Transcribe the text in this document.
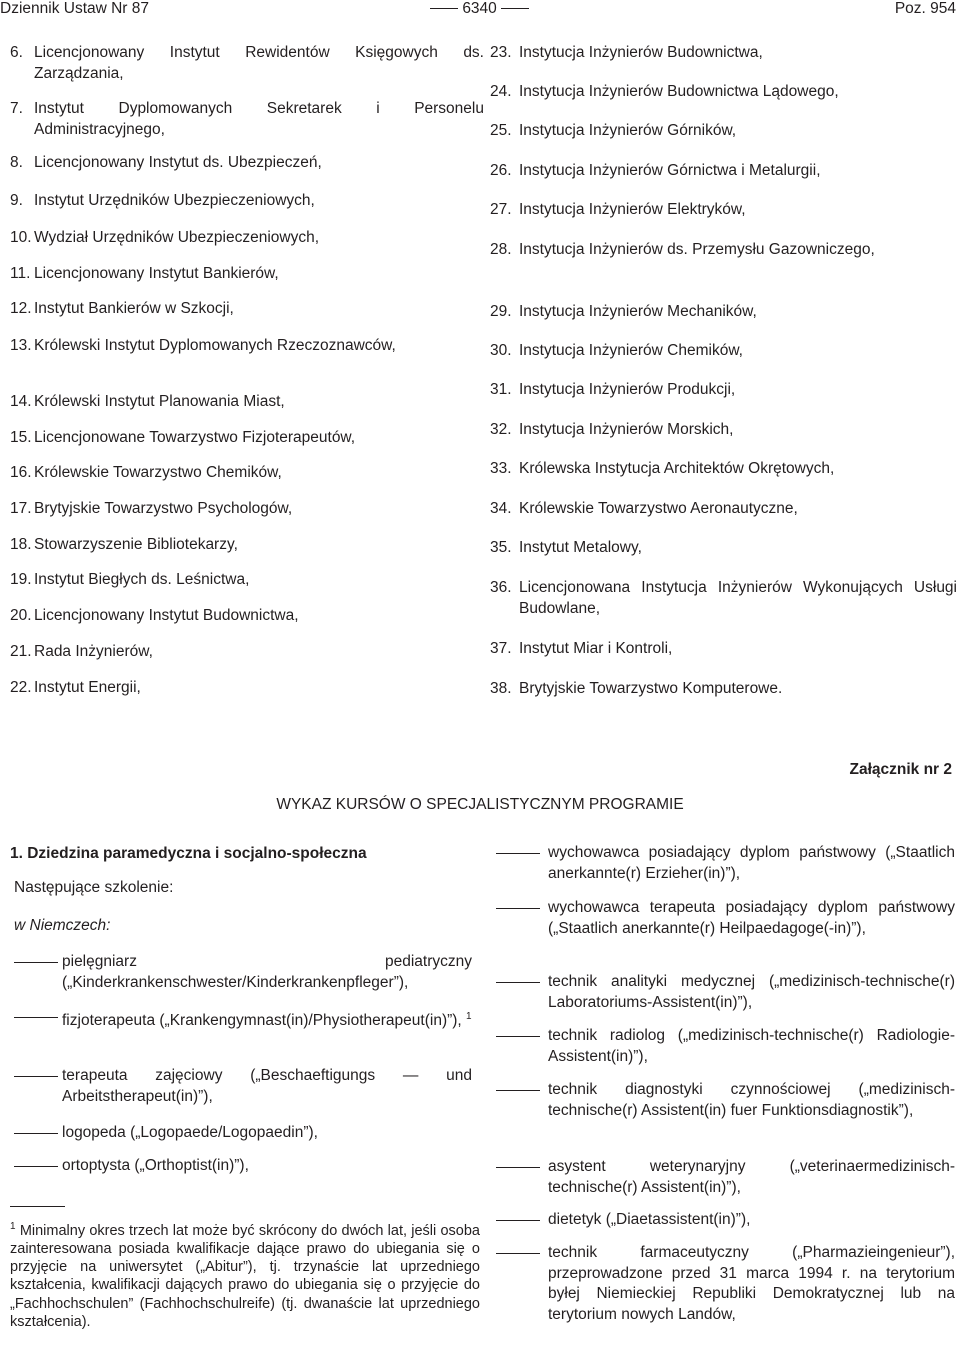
Dziennik Ustaw Nr 87	6340	Poz. 954
6. Licencjonowany Instytut Rewidentów Księgowych ds. Zarządzania,
7. Instytut Dyplomowanych Sekretarek i Personelu Administracyjnego,
8. Licencjonowany Instytut ds. Ubezpieczeń,
9. Instytut Urzędników Ubezpieczeniowych,
10. Wydział Urzędników Ubezpieczeniowych,
11. Licencjonowany Instytut Bankierów,
12. Instytut Bankierów w Szkocji,
13. Królewski Instytut Dyplomowanych Rzeczoznawców,
14. Królewski Instytut Planowania Miast,
15. Licencjonowane Towarzystwo Fizjoterapeutów,
16. Królewskie Towarzystwo Chemików,
17. Brytyjskie Towarzystwo Psychologów,
18. Stowarzyszenie Bibliotekarzy,
19. Instytut Biegłych ds. Leśnictwa,
20. Licencjonowany Instytut Budownictwa,
21. Rada Inżynierów,
22. Instytut Energii,
23. Instytucja Inżynierów Budownictwa,
24. Instytucja Inżynierów Budownictwa Lądowego,
25. Instytucja Inżynierów Górników,
26. Instytucja Inżynierów Górnictwa i Metalurgii,
27. Instytucja Inżynierów Elektryków,
28. Instytucja Inżynierów ds. Przemysłu Gazowniczego,
29. Instytucja Inżynierów Mechaników,
30. Instytucja Inżynierów Chemików,
31. Instytucja Inżynierów Produkcji,
32. Instytucja Inżynierów Morskich,
33. Królewska Instytucja Architektów Okrętowych,
34. Królewskie Towarzystwo Aeronautyczne,
35. Instytut Metalowy,
36. Licencjonowana Instytucja Inżynierów Wykonujących Usługi Budowlane,
37. Instytut Miar i Kontroli,
38. Brytyjskie Towarzystwo Komputerowe.
Załącznik nr 2
WYKAZ KURSÓW O SPECJALISTYCZNYM PROGRAMIE
1. Dziedzina paramedyczna i socjalno-społeczna
Następujące szkolenie:
w Niemczech:
pielęgniarz pediatryczny („Kinderkrankenschwester/Kinderkrankenpfleger”),
fizjoterapeuta („Krankengymnast(in)/Physiotherapeut(in)”), $^1$
terapeuta zajęciowy („Beschaeftigungs — und Arbeitstherapeut(in)”),
logopeda („Logopaede/Logopaedin”),
ortoptysta („Orthoptist(in)”),
$^1$ Minimalny okres trzech lat może być skrócony do dwóch lat, jeśli osoba zainteresowana posiada kwalifikacje dające prawo do ubiegania się o przyjęcie na uniwersytet („Abitur”), tj. trzynaście lat uprzedniego kształcenia, kwalifikacji dających prawo do ubiegania się o przyjęcie do „Fachhochschulen” (Fachhochschulreife) (tj. dwanaście lat uprzedniego kształcenia).
wychowawca posiadający dyplom państwowy („Staatlich anerkannte(r) Erzieher(in)”),
wychowawca terapeuta posiadający dyplom państwowy („Staatlich anerkannte(r) Heilpaedagoge(-in)”),
technik analityki medycznej („medizinisch-technische(r) Laboratoriums-Assistent(in)”),
technik radiolog („medizinisch-technische(r) Radiologie-Assistent(in)”),
technik diagnostyki czynnościowej („medizinisch-technische(r) Assistent(in) fuer Funktionsdiagnostik”),
asystent weterynaryjny („veterinaermedizinisch-technische(r) Assistent(in)”),
dietetyk („Diaetassistent(in)”),
technik farmaceutyczny („Pharmazieingenieur”), przeprowadzone przed 31 marca 1994 r. na terytorium byłej Niemieckiej Republiki Demokratycznej lub na terytorium nowych Landów,
